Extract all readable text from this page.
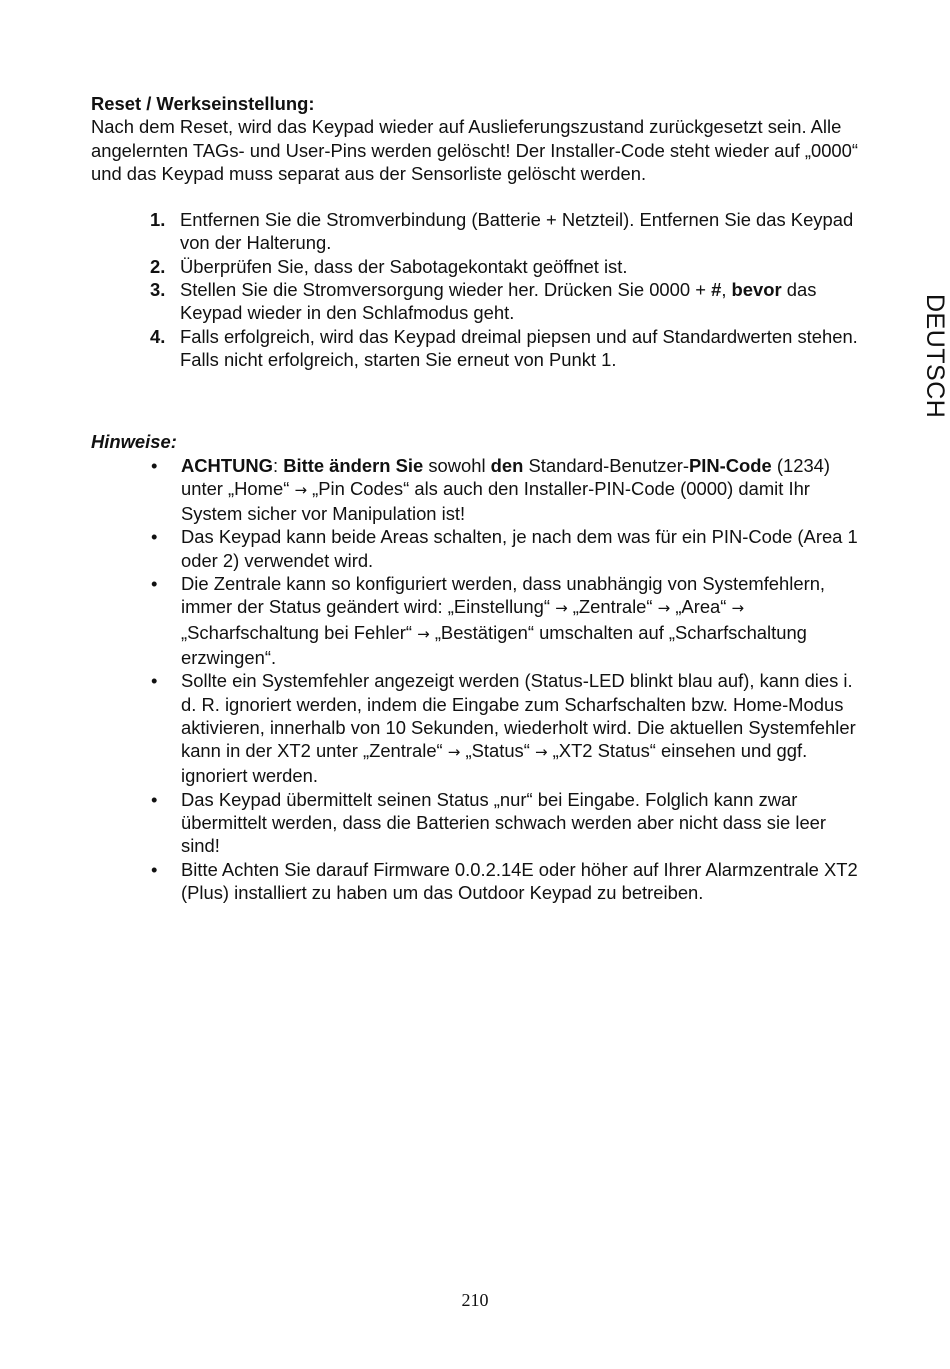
Reset / Werkseinstellung:

Nach dem Reset, wird das Keypad wieder auf Auslieferungszustand zurückgesetzt sein. Alle angelernten TAGs- und User-Pins werden gelöscht! Der Installer-Code steht wieder auf „0000“ und das Keypad muss separat aus der Sensorliste gelöscht werden.

1. Entfernen Sie die Stromverbindung (Batterie + Netzteil). Entfernen Sie das Keypad von der Halterung.
2. Überprüfen Sie, dass der Sabotagekontakt geöffnet ist.
3. Stellen Sie die Stromversorgung wieder her. Drücken Sie 0000 + #, bevor das Keypad wieder in den Schlafmodus geht.
4. Falls erfolgreich, wird das Keypad dreimal piepsen und auf Standardwerten stehen. Falls nicht erfolgreich, starten Sie erneut von Punkt 1.

Hinweise:

• ACHTUNG: Bitte ändern Sie sowohl den Standard-Benutzer-PIN-Code (1234) unter „Home“ → „Pin Codes“ als auch den Installer-PIN-Code (0000) damit Ihr System sicher vor Manipulation ist!
• Das Keypad kann beide Areas schalten, je nach dem was für ein PIN-Code (Area 1 oder 2) verwendet wird.
• Die Zentrale kann so konfiguriert werden, dass unabhängig von Systemfehlern, immer der Status geändert wird: „Einstellung“ → „Zentrale“ → „Area“ → „Scharfschaltung bei Fehler“ → „Bestätigen“ umschalten auf „Scharfschaltung erzwingen“.
• Sollte ein Systemfehler angezeigt werden (Status-LED blinkt blau auf), kann dies i. d. R. ignoriert werden, indem die Eingabe zum Scharfschalten bzw. Home-Modus aktivieren, innerhalb von 10 Sekunden, wiederholt wird. Die aktuellen Systemfehler kann in der XT2 unter „Zentrale“ → „Status“ → „XT2 Status“ einsehen und ggf. ignoriert werden.
• Das Keypad übermittelt seinen Status „nur“ bei Eingabe. Folglich kann zwar übermittelt werden, dass die Batterien schwach werden aber nicht dass sie leer sind!
• Bitte Achten Sie darauf Firmware 0.0.2.14E oder höher auf Ihrer Alarmzentrale XT2 (Plus) installiert zu haben um das Outdoor Keypad zu betreiben.
DEUTSCH
210
